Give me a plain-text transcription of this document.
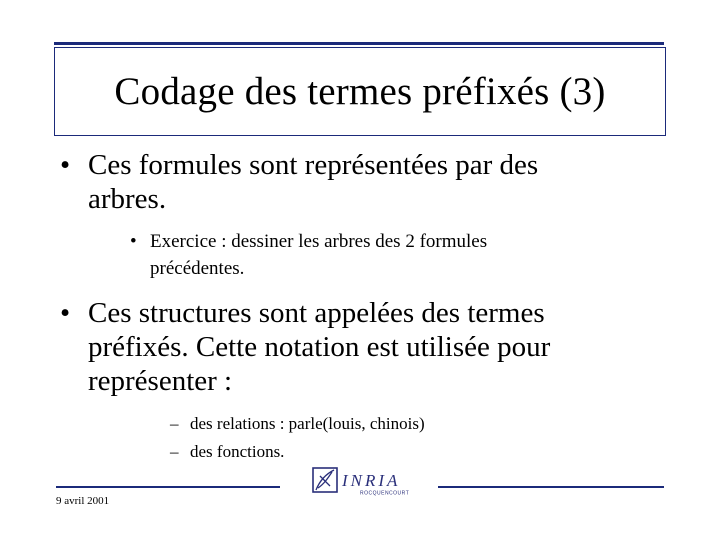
Codage des termes préfixés (3)
• Ces formules sont représentées par des arbres.
• Exercice : dessiner les arbres des 2 formules précédentes.
• Ces structures sont appelées des termes préfixés. Cette notation est utilisée pour représenter :
– des relations : parle(louis, chinois)
– des fonctions.
INRIA
ROCQUENCOURT
9 avril 2001
